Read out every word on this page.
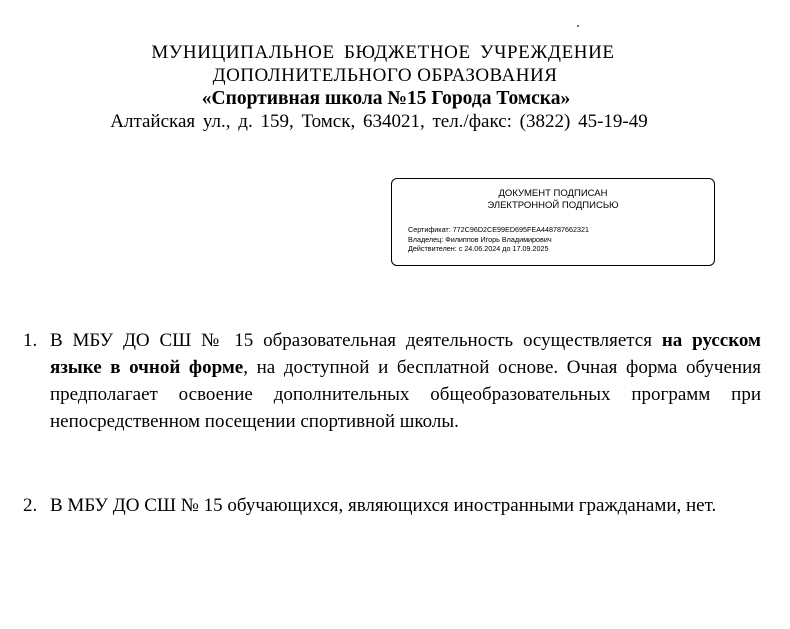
МУНИЦИПАЛЬНОЕ БЮДЖЕТНОЕ УЧРЕЖДЕНИЕ
ДОПОЛНИТЕЛЬНОГО ОБРАЗОВАНИЯ
«Спортивная школа №15 Города Томска»
Алтайская ул., д. 159, Томск, 634021, тел./факс: (3822) 45-19-49
ДОКУМЕНТ ПОДПИСАН
ЭЛЕКТРОННОЙ ПОДПИСЬЮ
Сертификат: 772C96D2CE99ED695FEA448787662321
Владелец: Филиппов Игорь Владимирович
Действителен: с 24.06.2024 до 17.09.2025
1. В МБУ ДО СШ № 15 образовательная деятельность осуществляется на русском языке в очной форме, на доступной и бесплатной основе. Очная форма обучения предполагает освоение дополнительных общеобразовательных программ при непосредственном посещении спортивной школы.
2. В МБУ ДО СШ № 15 обучающихся, являющихся иностранными гражданами, нет.
